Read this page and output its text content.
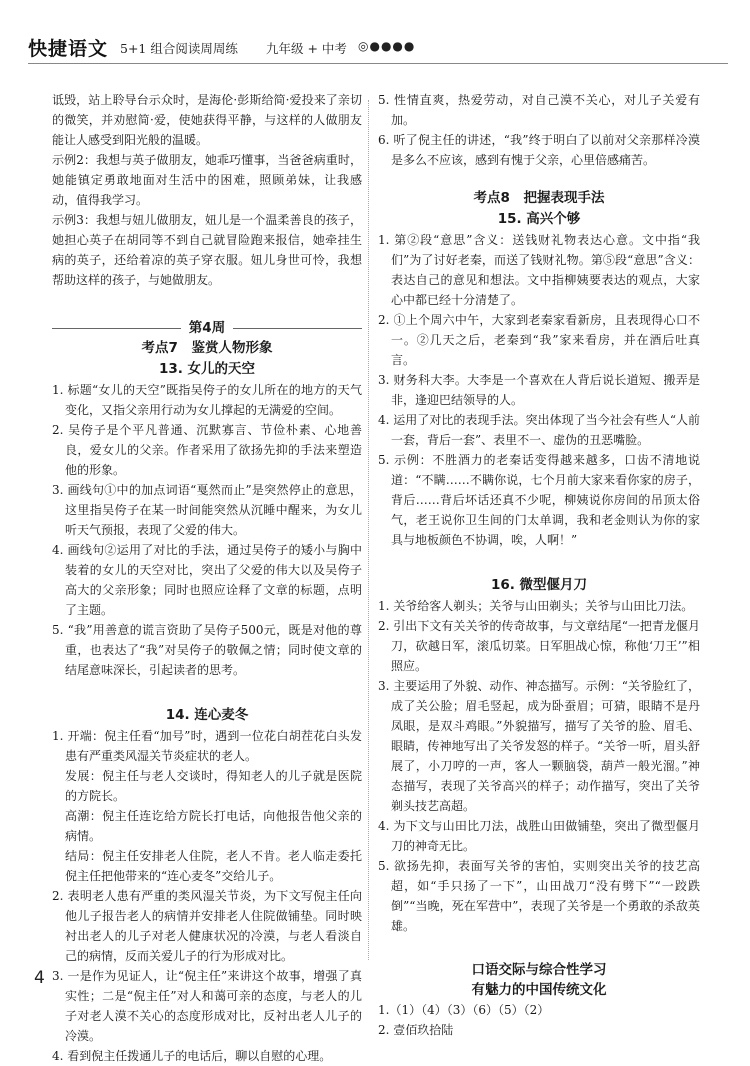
快捷语文 5+1 组合阅读周周练 九年级 + 中考 ◎●●●●

诋毁，站上聆导台示众时，是海伦·彭斯给简·爱投来了亲切的微笑，并劝慰简·爱，使她获得平静，与这样的人做朋友能让人感受到阳光般的温暖。

示例2：我想与英子做朋友，她乖巧懂事，当爸爸病重时，她能镇定勇敢地面对生活中的困难，照顾弟妹，让我感动，值得我学习。

示例3：我想与妞儿做朋友，妞儿是一个温柔善良的孩子，她担心英子在胡同等不到自己就冒险跑来报信，她牵挂生病的英子，还给着凉的英子穿衣服。妞儿身世可怜，我想帮助这样的孩子，与她做朋友。

第4周
考点7　鉴赏人物形象
13. 女儿的天空

1. 标题“女儿的天空”既指吴侉子的女儿所在的地方的天气变化，又指父亲用行动为女儿撑起的无满爱的空间。

2. 吴侉子是个平凡普通、沉默寡言、节俭朴素、心地善良，爱女儿的父亲。作者采用了欲扬先抑的手法来塑造他的形象。

3. 画线句①中的加点词语“戛然而止”是突然停止的意思，这里指吴侉子在某一时间能突然从沉睡中醒来，为女儿听天气预报，表现了父爱的伟大。

4. 画线句②运用了对比的手法，通过吴侉子的矮小与胸中装着的女儿的天空对比，突出了父爱的伟大以及吴侉子高大的父亲形象；同时也照应诠释了文章的标题，点明了主题。

5. “我”用善意的谎言资助了吴侉子500元，既是对他的尊重，也表达了“我”对吴侉子的敬佩之情；同时使文章的结尾意味深长，引起读者的思考。

14. 连心麦冬

1. 开端：倪主任看“加号”时，遇到一位花白胡茬花白头发患有严重类风湿关节炎症状的老人。

发展：倪主任与老人交谈时，得知老人的儿子就是医院的方院长。

高潮：倪主任连讫给方院长打电话，向他报告他父亲的病情。

结局：倪主任安排老人住院，老人不肯。老人临走委托倪主任把他带来的“连心麦冬”交给儿子。

2. 表明老人患有严重的类风湿关节炎，为下文写倪主任向他儿子报告老人的病情并安排老人住院做铺垫。同时映衬出老人的儿子对老人健康状况的冷漠，与老人看淡自己的病情，反而关爱儿子的行为形成对比。

3. 一是作为见证人，让“倪主任”来讲这个故事，增强了真实性；二是“倪主任”对人和蔼可亲的态度，与老人的儿子对老人漠不关心的态度形成对比，反衬出老人儿子的冷漠。

4. 看到倪主任拨通儿子的电话后，聊以自慰的心理。

5. 性情直爽，热爱劳动，对自己漠不关心，对儿子关爱有加。

6. 听了倪主任的讲述，“我”终于明白了以前对父亲那样冷漠是多么不应该，感到有愧于父亲，心里倍感痛苦。

考点8　把握表现手法
15. 高兴个够

1. 第②段“意思”含义：送钱财礼物表达心意。文中指“我们”为了讨好老秦，而送了钱财礼物。第⑤段“意思”含义：表达自己的意见和想法。文中指柳姨要表达的观点，大家心中都已经十分清楚了。

2. ①上个周六中午，大家到老秦家看新房，且表现得心口不一。②几天之后，老秦到“我”家来看房，并在酒后吐真言。

3. 财务科大李。大李是一个喜欢在人背后说长道短、搬弄是非，逢迎巴结领导的人。

4. 运用了对比的表现手法。突出体现了当今社会有些人“人前一套，背后一套”、表里不一、虚伪的丑恶嘴脸。

5. 示例：不胜酒力的老秦话变得越来越多，口齿不清地说道：“不瞒……不瞒你说，七个月前大家来看你家的房子，背后……背后坏话还真不少呢，柳姨说你房间的吊顶太俗气，老王说你卫生间的门太单调，我和老金则认为你的家具与地板颜色不协调，唉，人啊！”

16. 微型偃月刀

1. 关爷给客人剃头；关爷与山田剃头；关爷与山田比刀法。

2. 引出下文有关关爷的传奇故事，与文章结尾“一把青龙偃月刀，砍越日军，滚瓜切菜。日军胆战心惊，称他‘刀王’”相照应。

3. 主要运用了外貌、动作、神态描写。示例：“关爷脸红了，成了关公脸；眉毛竖起，成为卧蚕眉；可猜，眼睛不是丹凤眼，是双斗鸡眼。”外貌描写，描写了关爷的脸、眉毛、眼睛，传神地写出了关爷发怒的样子。“关爷一听，眉头舒展了，小刀哼的一声，客人一颗脑袋，葫芦一般光溜。”神态描写，表现了关爷高兴的样子；动作描写，突出了关爷剃头技艺高超。

4. 为下文与山田比刀法，战胜山田做铺垫，突出了微型偃月刀的神奇无比。

5. 欲扬先抑，表面写关爷的害怕，实则突出关爷的技艺高超，如“手只扬了一下”，山田战刀“没有劈下”“一跤跌倒”“当晚，死在军营中”，表现了关爷是一个勇敢的杀敌英雄。

口语交际与综合性学习
有魅力的中国传统文化

1.（1）（4）（3）（6）（5）（2）

2. 壹佰玖拾陆

4
